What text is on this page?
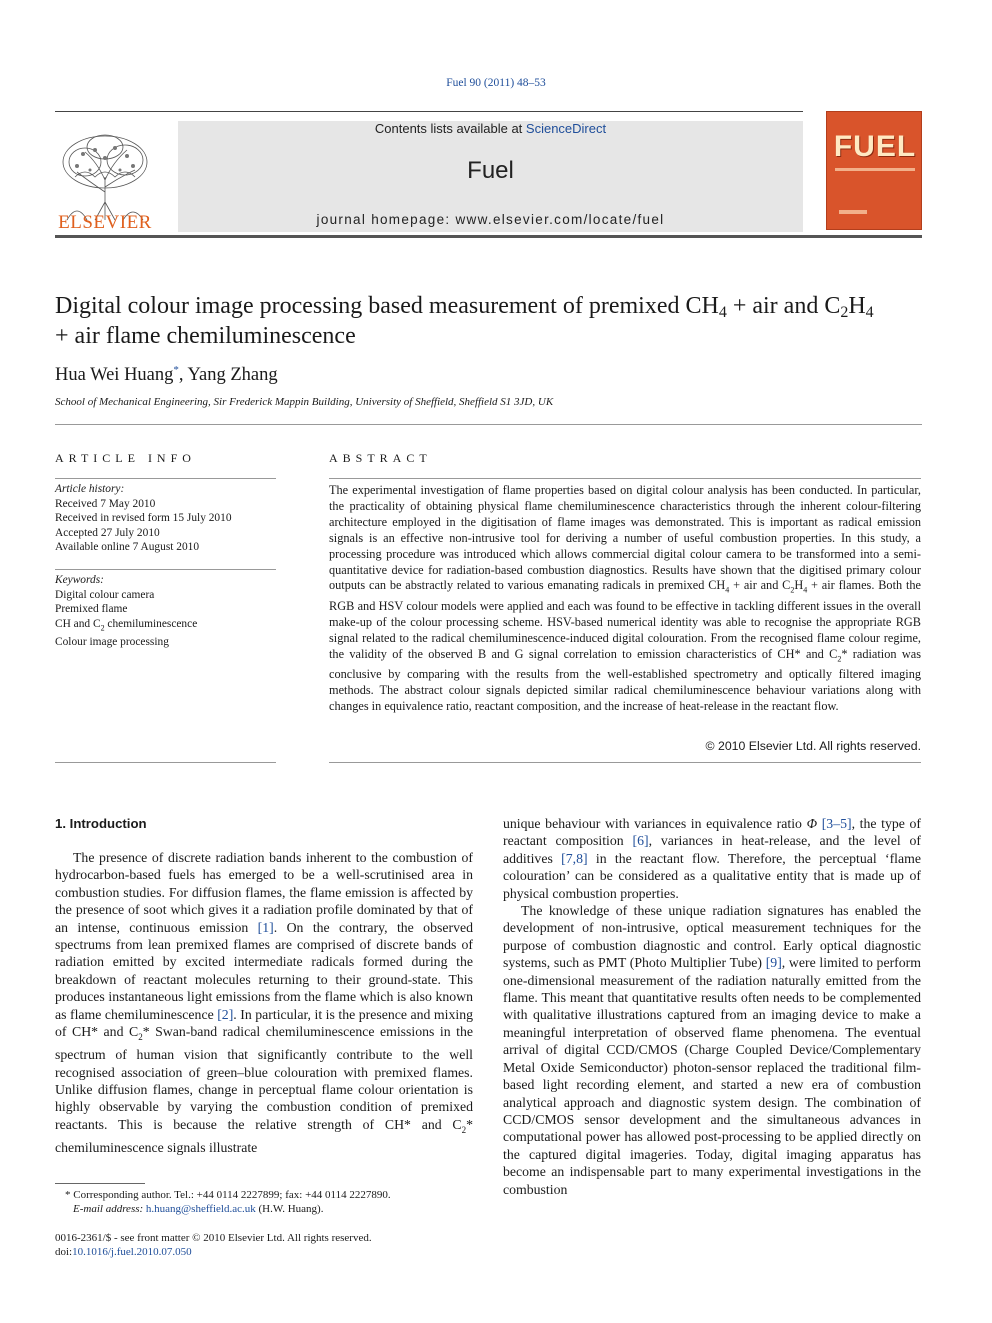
Fuel 90 (2011) 48–53
Contents lists available at ScienceDirect
Fuel
journal homepage: www.elsevier.com/locate/fuel
ELSEVIER
FUEL
Digital colour image processing based measurement of premixed $CH_4$ + air and $C_2H_4$
+ air flame chemiluminescence
Hua Wei Huang*, Yang Zhang
School of Mechanical Engineering, Sir Frederick Mappin Building, University of Sheffield, Sheffield S1 3JD, UK
ARTICLE INFO
Article history:
Received 7 May 2010
Received in revised form 15 July 2010
Accepted 27 July 2010
Available online 7 August 2010
Keywords:
Digital colour camera
Premixed flame
CH and $C_2$ chemiluminescence
Colour image processing
ABSTRACT
The experimental investigation of flame properties based on digital colour analysis has been conducted. In particular, the practicality of obtaining physical flame chemiluminescence characteristics through the inherent colour-filtering architecture employed in the digitisation of flame images was demonstrated. This is important as radical emission signals is an effective non-intrusive tool for deriving a number of useful combustion properties. In this study, a processing procedure was introduced which allows commercial digital colour camera to be transformed into a semi-quantitative device for radiation-based combustion diagnostics. Results have shown that the digitised primary colour outputs can be abstractly related to various emanating radicals in premixed $CH_4$ + air and $C_2H_4$ + air flames. Both the RGB and HSV colour models were applied and each was found to be effective in tackling different issues in the overall make-up of the colour processing scheme. HSV-based numerical identity was able to recognise the appropriate RGB signal related to the radical chemiluminescence-induced digital colouration. From the recognised flame colour regime, the validity of the observed B and G signal correlation to emission characteristics of CH* and $C_2*$ radiation was conclusive by comparing with the results from the well-established spectrometry and optically filtered imaging methods. The abstract colour signals depicted similar radical chemiluminescence behaviour variations along with changes in equivalence ratio, reactant composition, and the increase of heat-release in the reactant flow.
© 2010 Elsevier Ltd. All rights reserved.
1. Introduction
The presence of discrete radiation bands inherent to the combustion of hydrocarbon-based fuels has emerged to be a well-scrutinised area in combustion studies. For diffusion flames, the flame emission is affected by the presence of soot which gives it a radiation profile dominated by that of an intense, continuous emission [1]. On the contrary, the observed spectrums from lean premixed flames are comprised of discrete bands of radiation emitted by excited intermediate radicals formed during the breakdown of reactant molecules returning to their ground-state. This produces instantaneous light emissions from the flame which is also known as flame chemiluminescence [2]. In particular, it is the presence and mixing of CH* and $C_2*$ Swan-band radical chemiluminescence emissions in the spectrum of human vision that significantly contribute to the well recognised association of green–blue colouration with premixed flames. Unlike diffusion flames, change in perceptual flame colour orientation is highly observable by varying the combustion condition of premixed reactants. This is because the relative strength of CH* and $C_2*$ chemiluminescence signals illustrate
unique behaviour with variances in equivalence ratio Φ [3–5], the type of reactant composition [6], variances in heat-release, and the level of additives [7,8] in the reactant flow. Therefore, the perceptual ‘flame colouration’ can be considered as a qualitative entity that is made up of physical combustion properties.
The knowledge of these unique radiation signatures has enabled the development of non-intrusive, optical measurement techniques for the purpose of combustion diagnostic and control. Early optical diagnostic systems, such as PMT (Photo Multiplier Tube) [9], were limited to perform one-dimensional measurement of the radiation naturally emitted from the flame. This meant that quantitative results often needs to be complemented with qualitative illustrations captured from an imaging device to make a meaningful interpretation of observed flame phenomena. The eventual arrival of digital CCD/CMOS (Charge Coupled Device/Complementary Metal Oxide Semiconductor) photon-sensor replaced the traditional film-based light recording element, and started a new era of combustion analytical approach and diagnostic system design. The combination of CCD/CMOS sensor development and the simultaneous advances in computational power has allowed post-processing to be applied directly on the captured digital imageries. Today, digital imaging apparatus has become an indispensable part to many experimental investigations in the combustion
* Corresponding author. Tel.: +44 0114 2227899; fax: +44 0114 2227890.
E-mail address: h.huang@sheffield.ac.uk (H.W. Huang).
0016-2361/$ - see front matter © 2010 Elsevier Ltd. All rights reserved.
doi:10.1016/j.fuel.2010.07.050
